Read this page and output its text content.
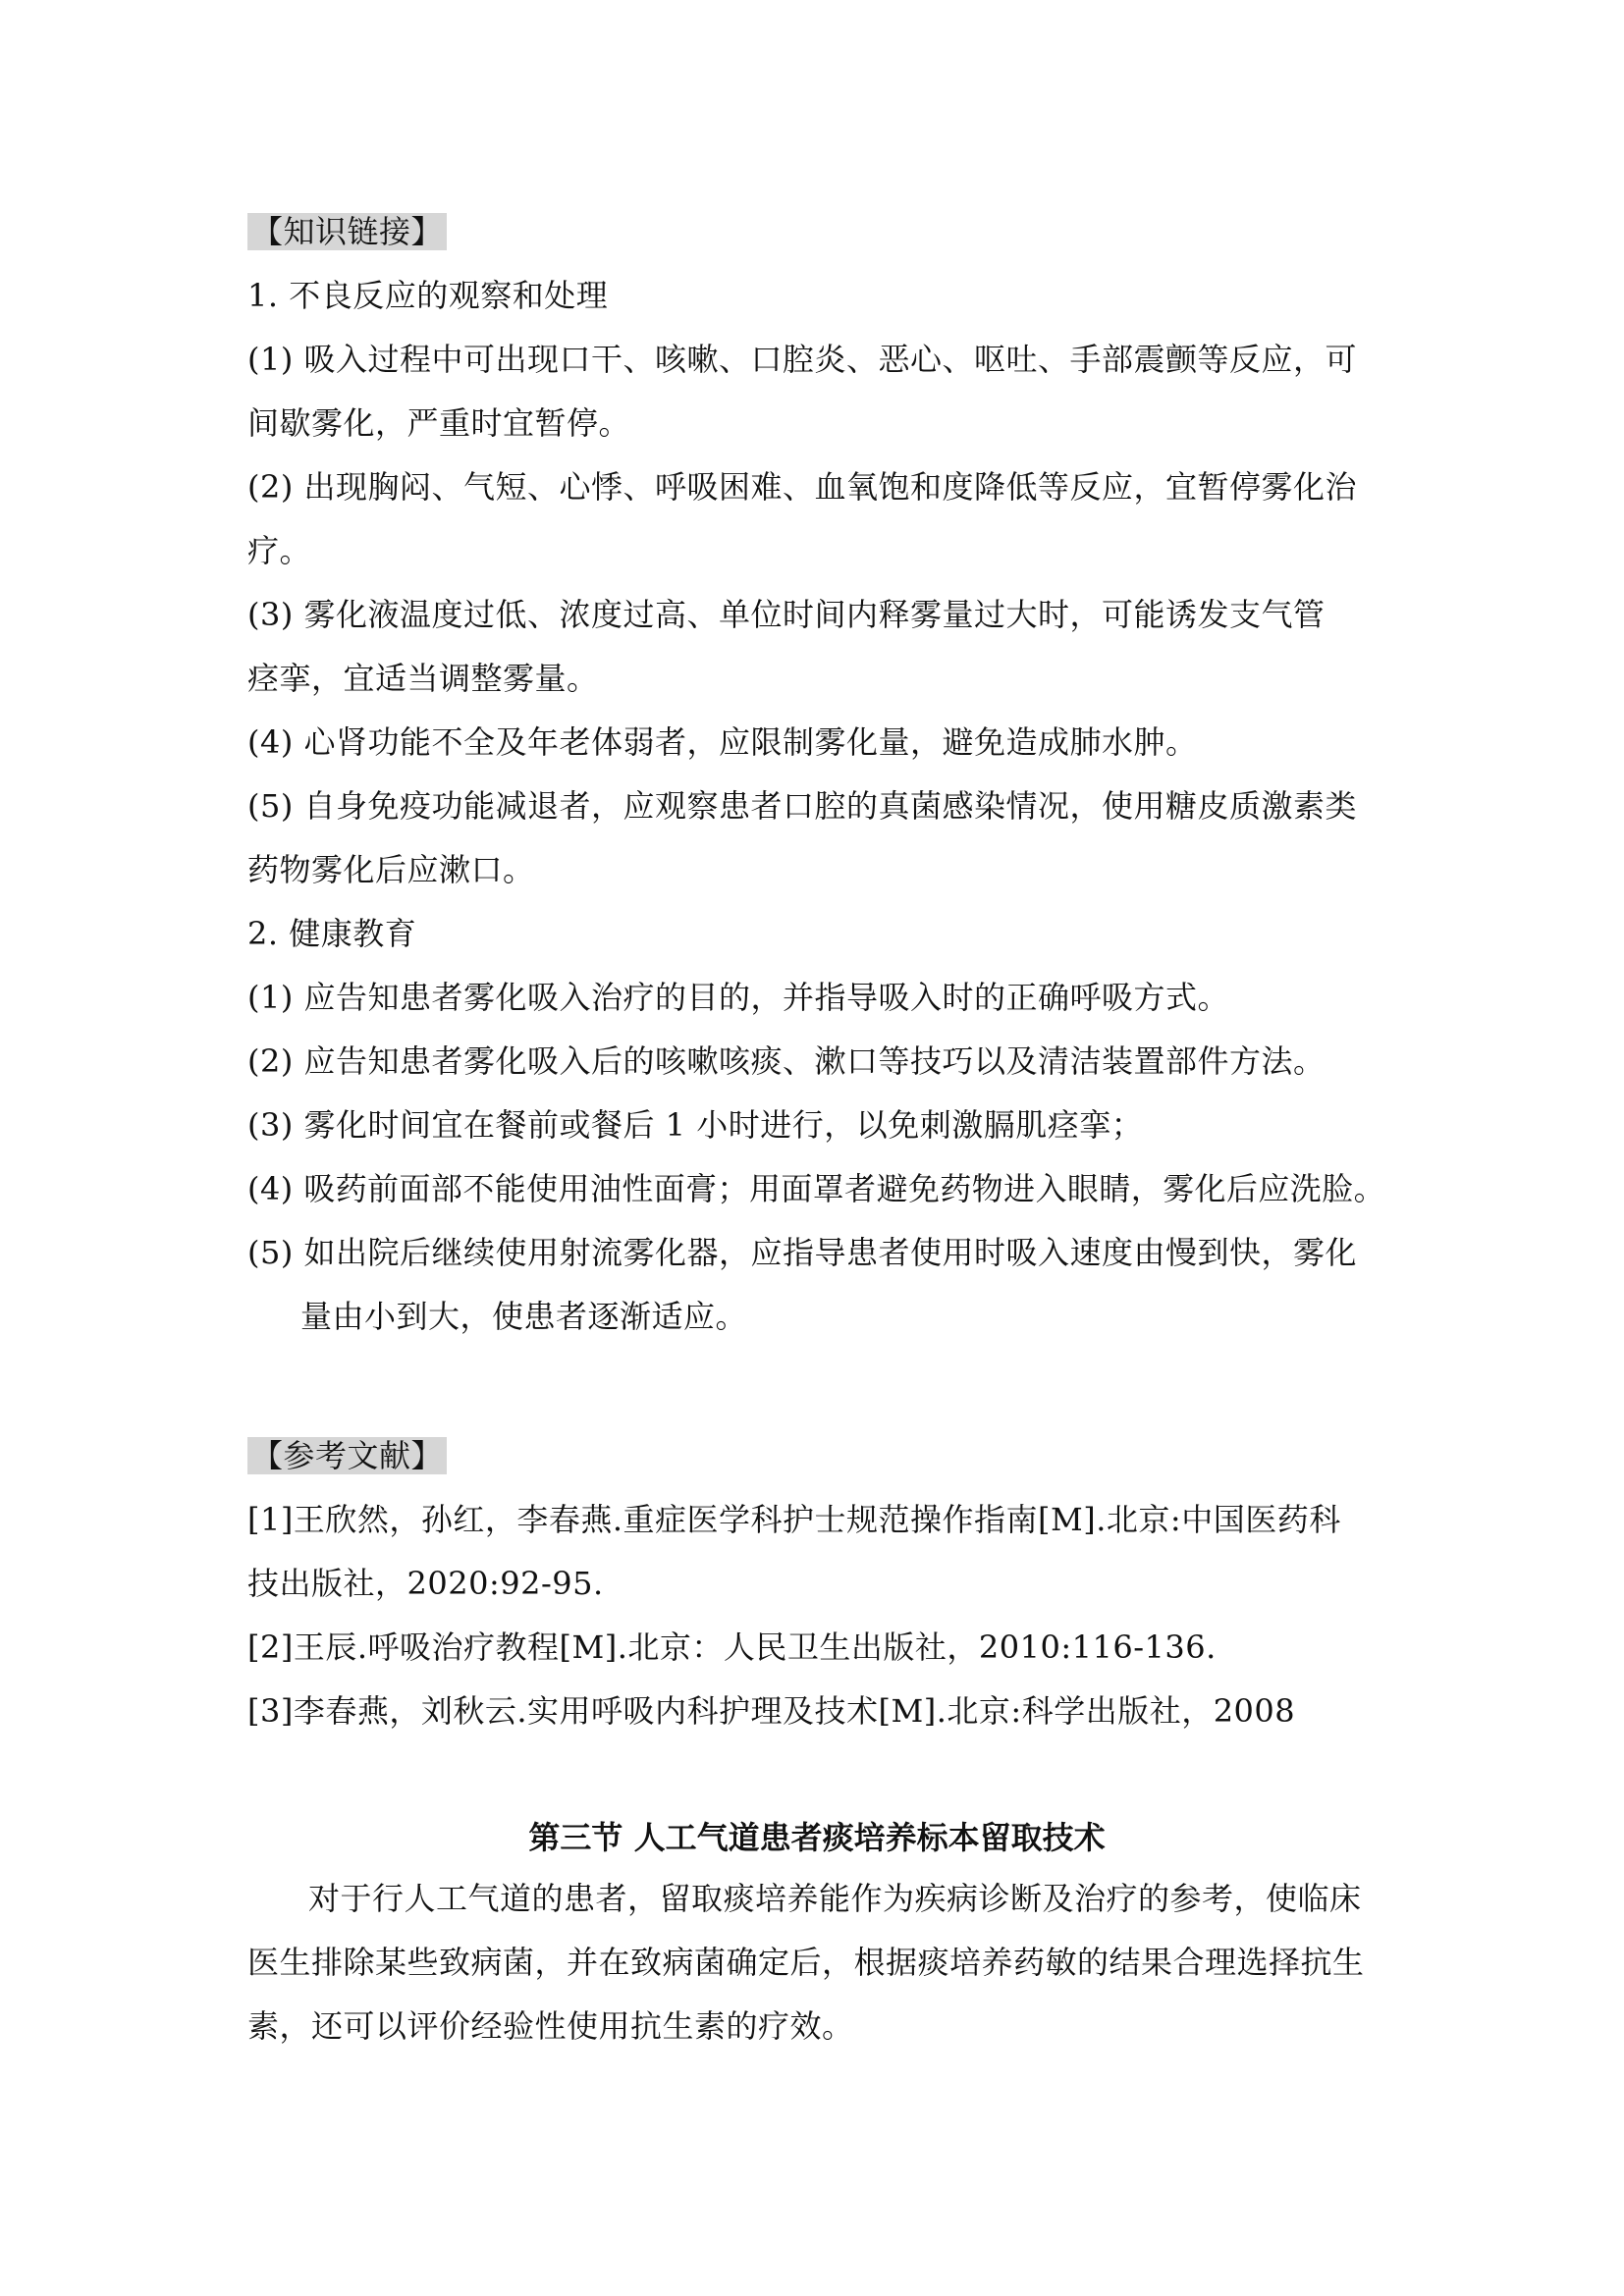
【知识链接】
1. 不良反应的观察和处理
(1) 吸入过程中可出现口干、咳嗽、口腔炎、恶心、呕吐、手部震颤等反应，可
间歇雾化，严重时宜暂停。
(2) 出现胸闷、气短、心悸、呼吸困难、血氧饱和度降低等反应，宜暂停雾化治
疗。
(3) 雾化液温度过低、浓度过高、单位时间内释雾量过大时，可能诱发支气管
痉挛，宜适当调整雾量。
(4) 心肾功能不全及年老体弱者，应限制雾化量，避免造成肺水肿。
(5) 自身免疫功能减退者，应观察患者口腔的真菌感染情况，使用糖皮质激素类
药物雾化后应漱口。
2. 健康教育
(1) 应告知患者雾化吸入治疗的目的，并指导吸入时的正确呼吸方式。
(2) 应告知患者雾化吸入后的咳嗽咳痰、漱口等技巧以及清洁装置部件方法。
(3) 雾化时间宜在餐前或餐后 1 小时进行，以免刺激膈肌痉挛；
(4) 吸药前面部不能使用油性面膏；用面罩者避免药物进入眼睛，雾化后应洗脸。
(5) 如出院后继续使用射流雾化器，应指导患者使用时吸入速度由慢到快，雾化
量由小到大，使患者逐渐适应。
【参考文献】
[1]王欣然，孙红，李春燕.重症医学科护士规范操作指南[M].北京:中国医药科
技出版社，2020:92-95.
[2]王辰.呼吸治疗教程[M].北京：人民卫生出版社，2010:116-136.
[3]李春燕，刘秋云.实用呼吸内科护理及技术[M].北京:科学出版社，2008
第三节 人工气道患者痰培养标本留取技术
对于行人工气道的患者，留取痰培养能作为疾病诊断及治疗的参考，使临床
医生排除某些致病菌，并在致病菌确定后，根据痰培养药敏的结果合理选择抗生
素，还可以评价经验性使用抗生素的疗效。
